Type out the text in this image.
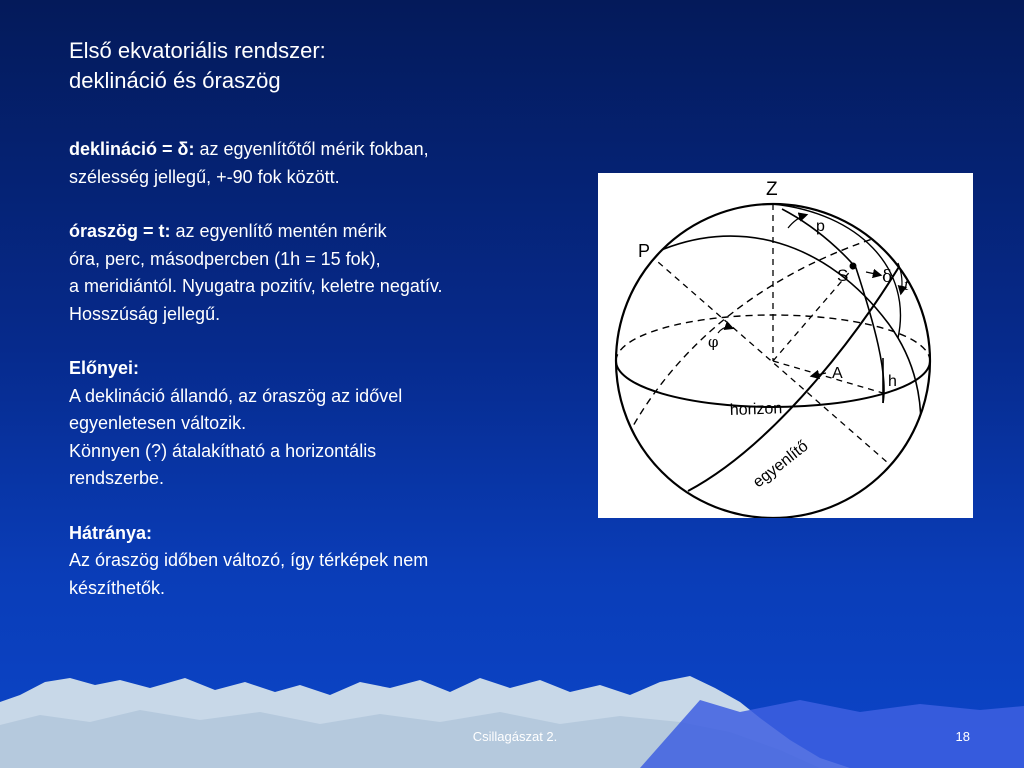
Első ekvatoriális rendszer:
deklináció és óraszög

deklináció = δ: az egyenlítőtől mérik fokban,
szélesség jellegű, +-90 fok között.

óraszög = t: az egyenlítő mentén mérik
óra, perc, másodpercben (1h = 15 fok),
a meridiántól. Nyugatra pozitív, keletre negatív.
Hosszúság jellegű.

Előnyei:
A deklináció állandó, az óraszög az idővel
egyenletesen változik.
Könnyen (?) átalakítható a horizontális
rendszerbe.

Hátránya:
Az óraszög időben változó, így térképek nem
készíthetők.

Z
P
p
S δ t
φ
A	h
horizon
egyenlítő
Csillagászat 2.	18
